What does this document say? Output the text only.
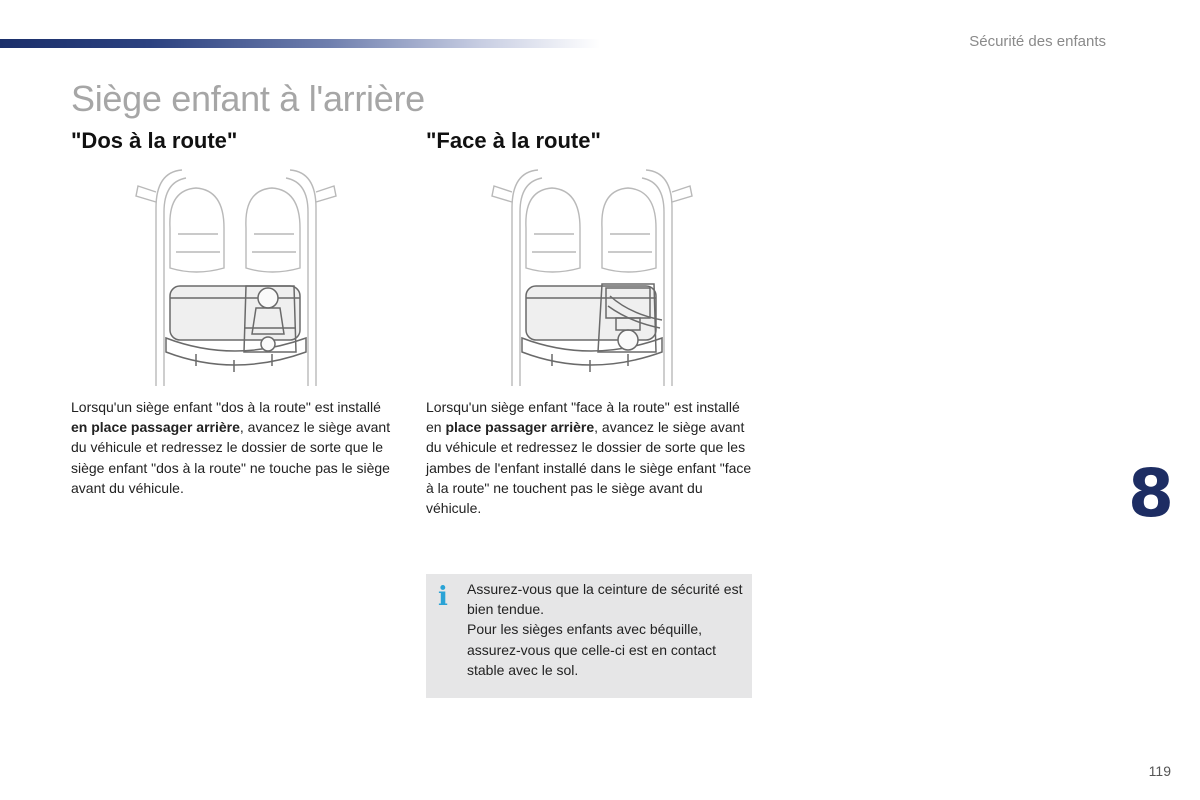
Sécurité des enfants
Siège enfant à l'arrière
"Dos à la route"	"Face à la route"

Lorsqu'un siège enfant "dos à la route" est installé en place passager arrière, avancez le siège avant du véhicule et redressez le dossier de sorte que le siège enfant "dos à la route" ne touche pas le siège avant du véhicule.

Lorsqu'un siège enfant "face à la route" est installé en place passager arrière, avancez le siège avant du véhicule et redressez le dossier de sorte que les jambes de l'enfant installé dans le siège enfant "face à la route" ne touchent pas le siège avant du véhicule.

i Assurez-vous que la ceinture de sécurité est bien tendue.
Pour les sièges enfants avec béquille, assurez-vous que celle-ci est en contact stable avec le sol.

8
119
